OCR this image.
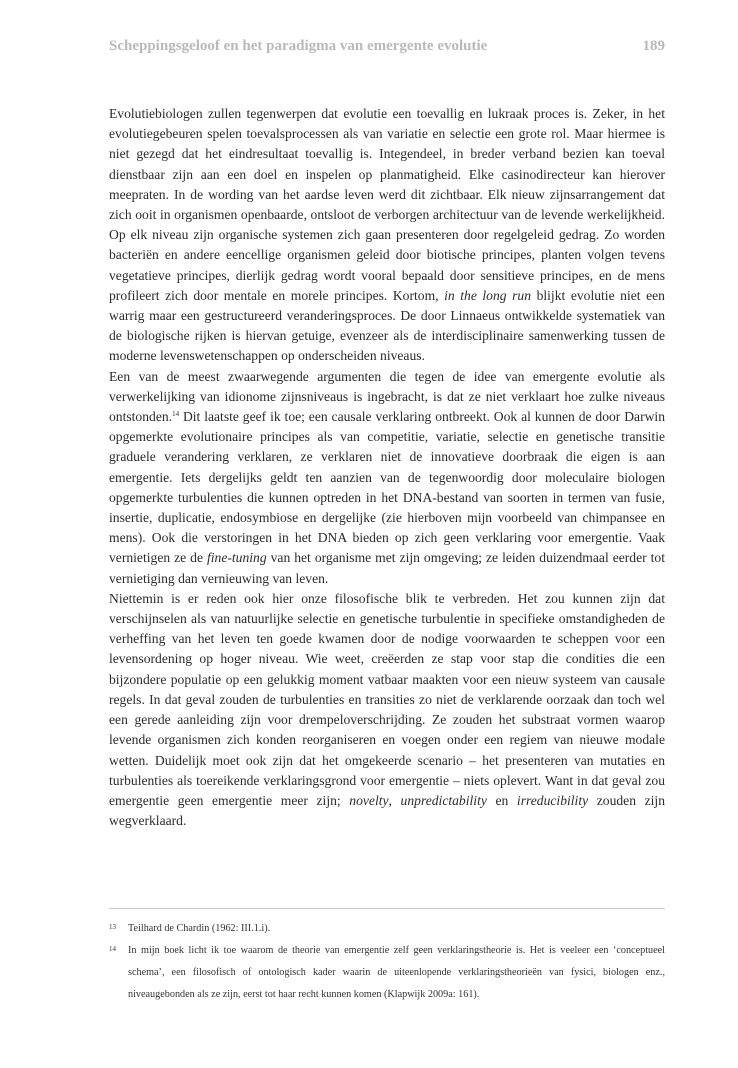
Scheppingsgeloof en het paradigma van emergente evolutie	189

Evolutiebiologen zullen tegenwerpen dat evolutie een toevallig en lukraak proces is. Zeker, in het evolutiegebeuren spelen toevalsprocessen als van variatie en selectie een grote rol. Maar hiermee is niet gezegd dat het eindresultaat toevallig is. Integendeel, in breder verband bezien kan toeval dienstbaar zijn aan een doel en inspelen op planmatigheid. Elke casinodirecteur kan hierover meepraten. In de wording van het aardse leven werd dit zichtbaar. Elk nieuw zijnsarrangement dat zich ooit in organismen openbaarde, ontsloot de verborgen architectuur van de levende werkelijkheid. Op elk niveau zijn organische systemen zich gaan presenteren door regelgeleid gedrag. Zo worden bacteriën en andere eencellige organismen geleid door biotische principes, planten volgen tevens vegetatieve principes, dierlijk gedrag wordt vooral bepaald door sensitieve principes, en de mens profileert zich door mentale en morele principes. Kortom, in the long run blijkt evolutie niet een warrig maar een gestructureerd veranderingsproces. De door Linnaeus ontwikkelde systematiek van de biologische rijken is hiervan getuige, evenzeer als de interdisciplinaire samenwerking tussen de moderne levenswetenschappen op onderscheiden niveaus.

Een van de meest zwaarwegende argumenten die tegen de idee van emergente evolutie als verwerkelijking van idionome zijnsniveaus is ingebracht, is dat ze niet verklaart hoe zulke niveaus ontstonden.$^{14}$ Dit laatste geef ik toe; een causale verklaring ontbreekt. Ook al kunnen de door Darwin opgemerkte evolutionaire principes als van competitie, variatie, selectie en genetische transitie graduele verandering verklaren, ze verklaren niet de innovatieve doorbraak die eigen is aan emergentie. Iets dergelijks geldt ten aanzien van de tegenwoordig door moleculaire biologen opgemerkte turbulenties die kunnen optreden in het DNA-bestand van soorten in termen van fusie, insertie, duplicatie, endosymbiose en dergelijke (zie hierboven mijn voorbeeld van chimpansee en mens). Ook die verstoringen in het DNA bieden op zich geen verklaring voor emergentie. Vaak vernietigen ze de fine-tuning van het organisme met zijn omgeving; ze leiden duizendmaal eerder tot vernietiging dan vernieuwing van leven.

Niettemin is er reden ook hier onze filosofische blik te verbreden. Het zou kunnen zijn dat verschijnselen als van natuurlijke selectie en genetische turbulentie in specifieke omstandigheden de verheffing van het leven ten goede kwamen door de nodige voorwaarden te scheppen voor een levensordening op hoger niveau. Wie weet, creëerden ze stap voor stap die condities die een bijzondere populatie op een gelukkig moment vatbaar maakten voor een nieuw systeem van causale regels. In dat geval zouden de turbulenties en transities zo niet de verklarende oorzaak dan toch wel een gerede aanleiding zijn voor drempeloverschrijding. Ze zouden het substraat vormen waarop levende organismen zich konden reorganiseren en voegen onder een regiem van nieuwe modale wetten. Duidelijk moet ook zijn dat het omgekeerde scenario – het presenteren van mutaties en turbulenties als toereikende verklaringsgrond voor emergentie – niets oplevert. Want in dat geval zou emergentie geen emergentie meer zijn; novelty, unpredictability en irreducibility zouden zijn wegverklaard.

13	Teilhard de Chardin (1962: III.1.i).
14	In mijn boek licht ik toe waarom de theorie van emergentie zelf geen verklaringstheorie is. Het is veeleer een ‘conceptueel schema’, een filosofisch of ontologisch kader waarin de uiteenlopende verklaringstheorieën van fysici, biologen enz., niveaugebonden als ze zijn, eerst tot haar recht kunnen komen (Klapwijk 2009a: 161).
